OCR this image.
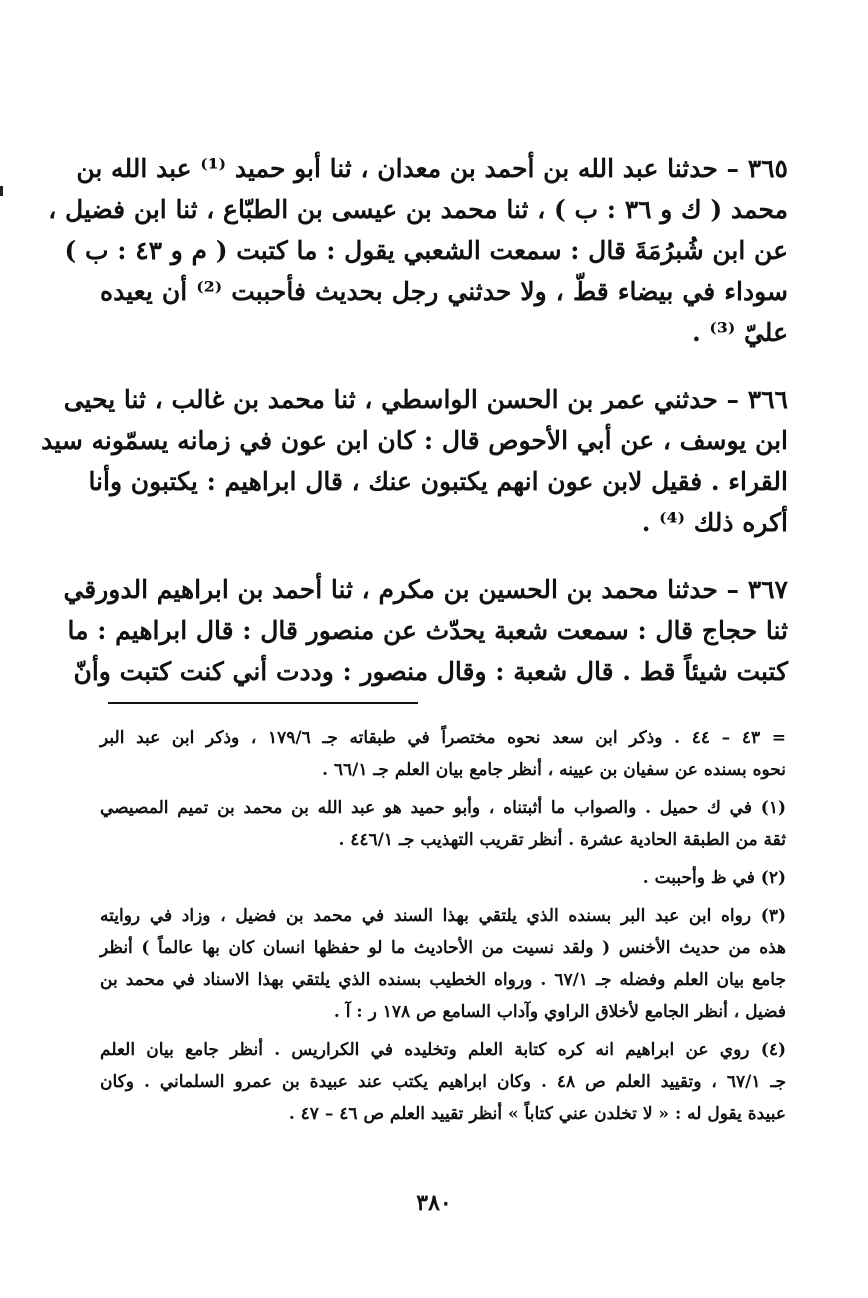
٣٦٥ – حدثنا عبد الله بن أحمد بن معدان ، ثنا أبو حميد ⁽¹⁾ عبد الله بن
محمد ( ك و ٣٦ : ب ) ، ثنا محمد بن عيسى بن الطبّاع ، ثنا ابن فضيل ،
عن ابن شُبرُمَةَ قال : سمعت الشعبي يقول : ما كتبت ( م و ٤٣ : ب )
سوداء في بيضاء قطّ ، ولا حدثني رجل بحديث فأحببت ⁽²⁾ أن يعيده
عليّ ⁽³⁾ .
٣٦٦ – حدثني عمر بن الحسن الواسطي ، ثنا محمد بن غالب ، ثنا يحيى
ابن يوسف ، عن أبي الأحوص قال : كان ابن عون في زمانه يسمّونه سيد
القراء . فقيل لابن عون انهم يكتبون عنك ، قال ابراهيم : يكتبون وأنا
أكره ذلك ⁽⁴⁾ .
٣٦٧ – حدثنا محمد بن الحسين بن مكرم ، ثنا أحمد بن ابراهيم الدورقي
ثنا حجاج قال : سمعت شعبة يحدّث عن منصور قال : قال ابراهيم : ما
كتبت شيئاً قط . قال شعبة : وقال منصور : وددت أني كنت كتبت وأنّ
= ٤٣ – ٤٤ . وذكر ابن سعد نحوه مختصراً في طبقاته جـ ١٧٩/٦ ، وذكر ابن عبد البر
نحوه بسنده عن سفيان بن عيينه ، أنظر جامع بيان العلم جـ ٦٦/١ .
(١) في ك حميل . والصواب ما أثبتناه ، وأبو حميد هو عبد الله بن محمد بن تميم المصيصي
ثقة من الطبقة الحادية عشرة . أنظر تقريب التهذيب جـ ٤٤٦/١ .
(٢) في ظ وأحببت .
(٣) رواه ابن عبد البر بسنده الذي يلتقي بهذا السند في محمد بن فضيل ، وزاد في روايته
هذه من حديث الأخنس ( ولقد نسيت من الأحاديث ما لو حفظها انسان كان بها عالماً ) أنظر
جامع بيان العلم وفضله جـ ٦٧/١ . ورواه الخطيب بسنده الذي يلتقي بهذا الاسناد في محمد بن
فضيل ، أنظر الجامع لأخلاق الراوي وآداب السامع ص ١٧٨ ر : آ .
(٤) روي عن ابراهيم انه كره كتابة العلم وتخليده في الكراريس . أنظر جامع بيان العلم
جـ ٦٧/١ ، وتقييد العلم ص ٤٨ . وكان ابراهيم يكتب عند عبيدة بن عمرو السلماني . وكان
عبيدة يقول له : « لا تخلدن عني كتاباً » أنظر تقييد العلم ص ٤٦ – ٤٧ .
٣٨٠
